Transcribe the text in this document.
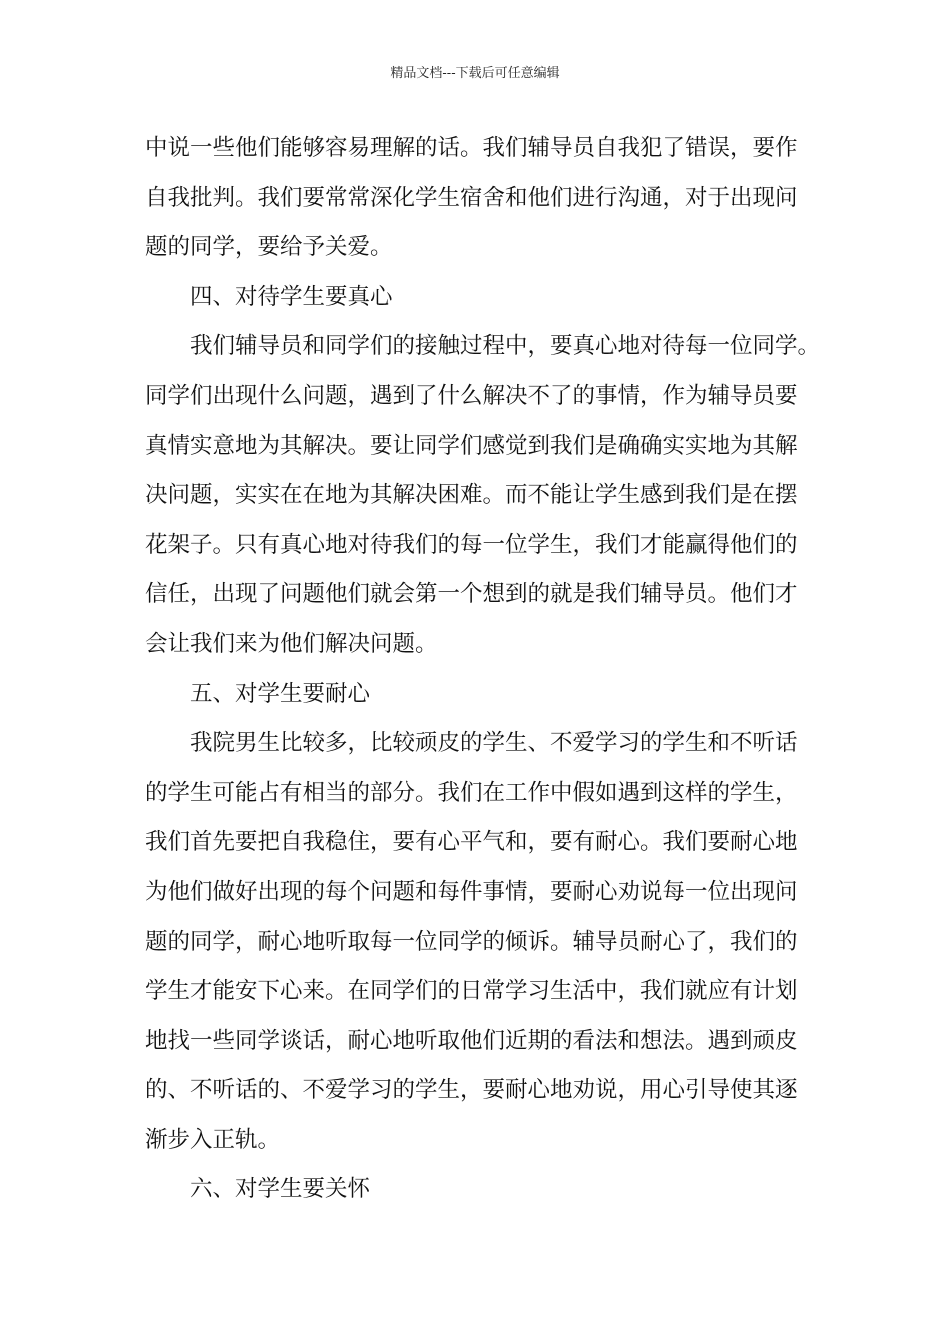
精品文档---下载后可任意编辑

中说一些他们能够容易理解的话。我们辅导员自我犯了错误，要作

自我批判。我们要常常深化学生宿舍和他们进行沟通，对于出现问

题的同学，要给予关爱。

四、对待学生要真心

我们辅导员和同学们的接触过程中，要真心地对待每一位同学。

同学们出现什么问题，遇到了什么解决不了的事情，作为辅导员要

真情实意地为其解决。要让同学们感觉到我们是确确实实地为其解

决问题，实实在在地为其解决困难。而不能让学生感到我们是在摆

花架子。只有真心地对待我们的每一位学生，我们才能赢得他们的

信任，出现了问题他们就会第一个想到的就是我们辅导员。他们才

会让我们来为他们解决问题。

五、对学生要耐心

我院男生比较多，比较顽皮的学生、不爱学习的学生和不听话

的学生可能占有相当的部分。我们在工作中假如遇到这样的学生，

我们首先要把自我稳住，要有心平气和，要有耐心。我们要耐心地

为他们做好出现的每个问题和每件事情，要耐心劝说每一位出现问

题的同学，耐心地听取每一位同学的倾诉。辅导员耐心了，我们的

学生才能安下心来。在同学们的日常学习生活中，我们就应有计划

地找一些同学谈话，耐心地听取他们近期的看法和想法。遇到顽皮

的、不听话的、不爱学习的学生，要耐心地劝说，用心引导使其逐

渐步入正轨。

六、对学生要关怀
